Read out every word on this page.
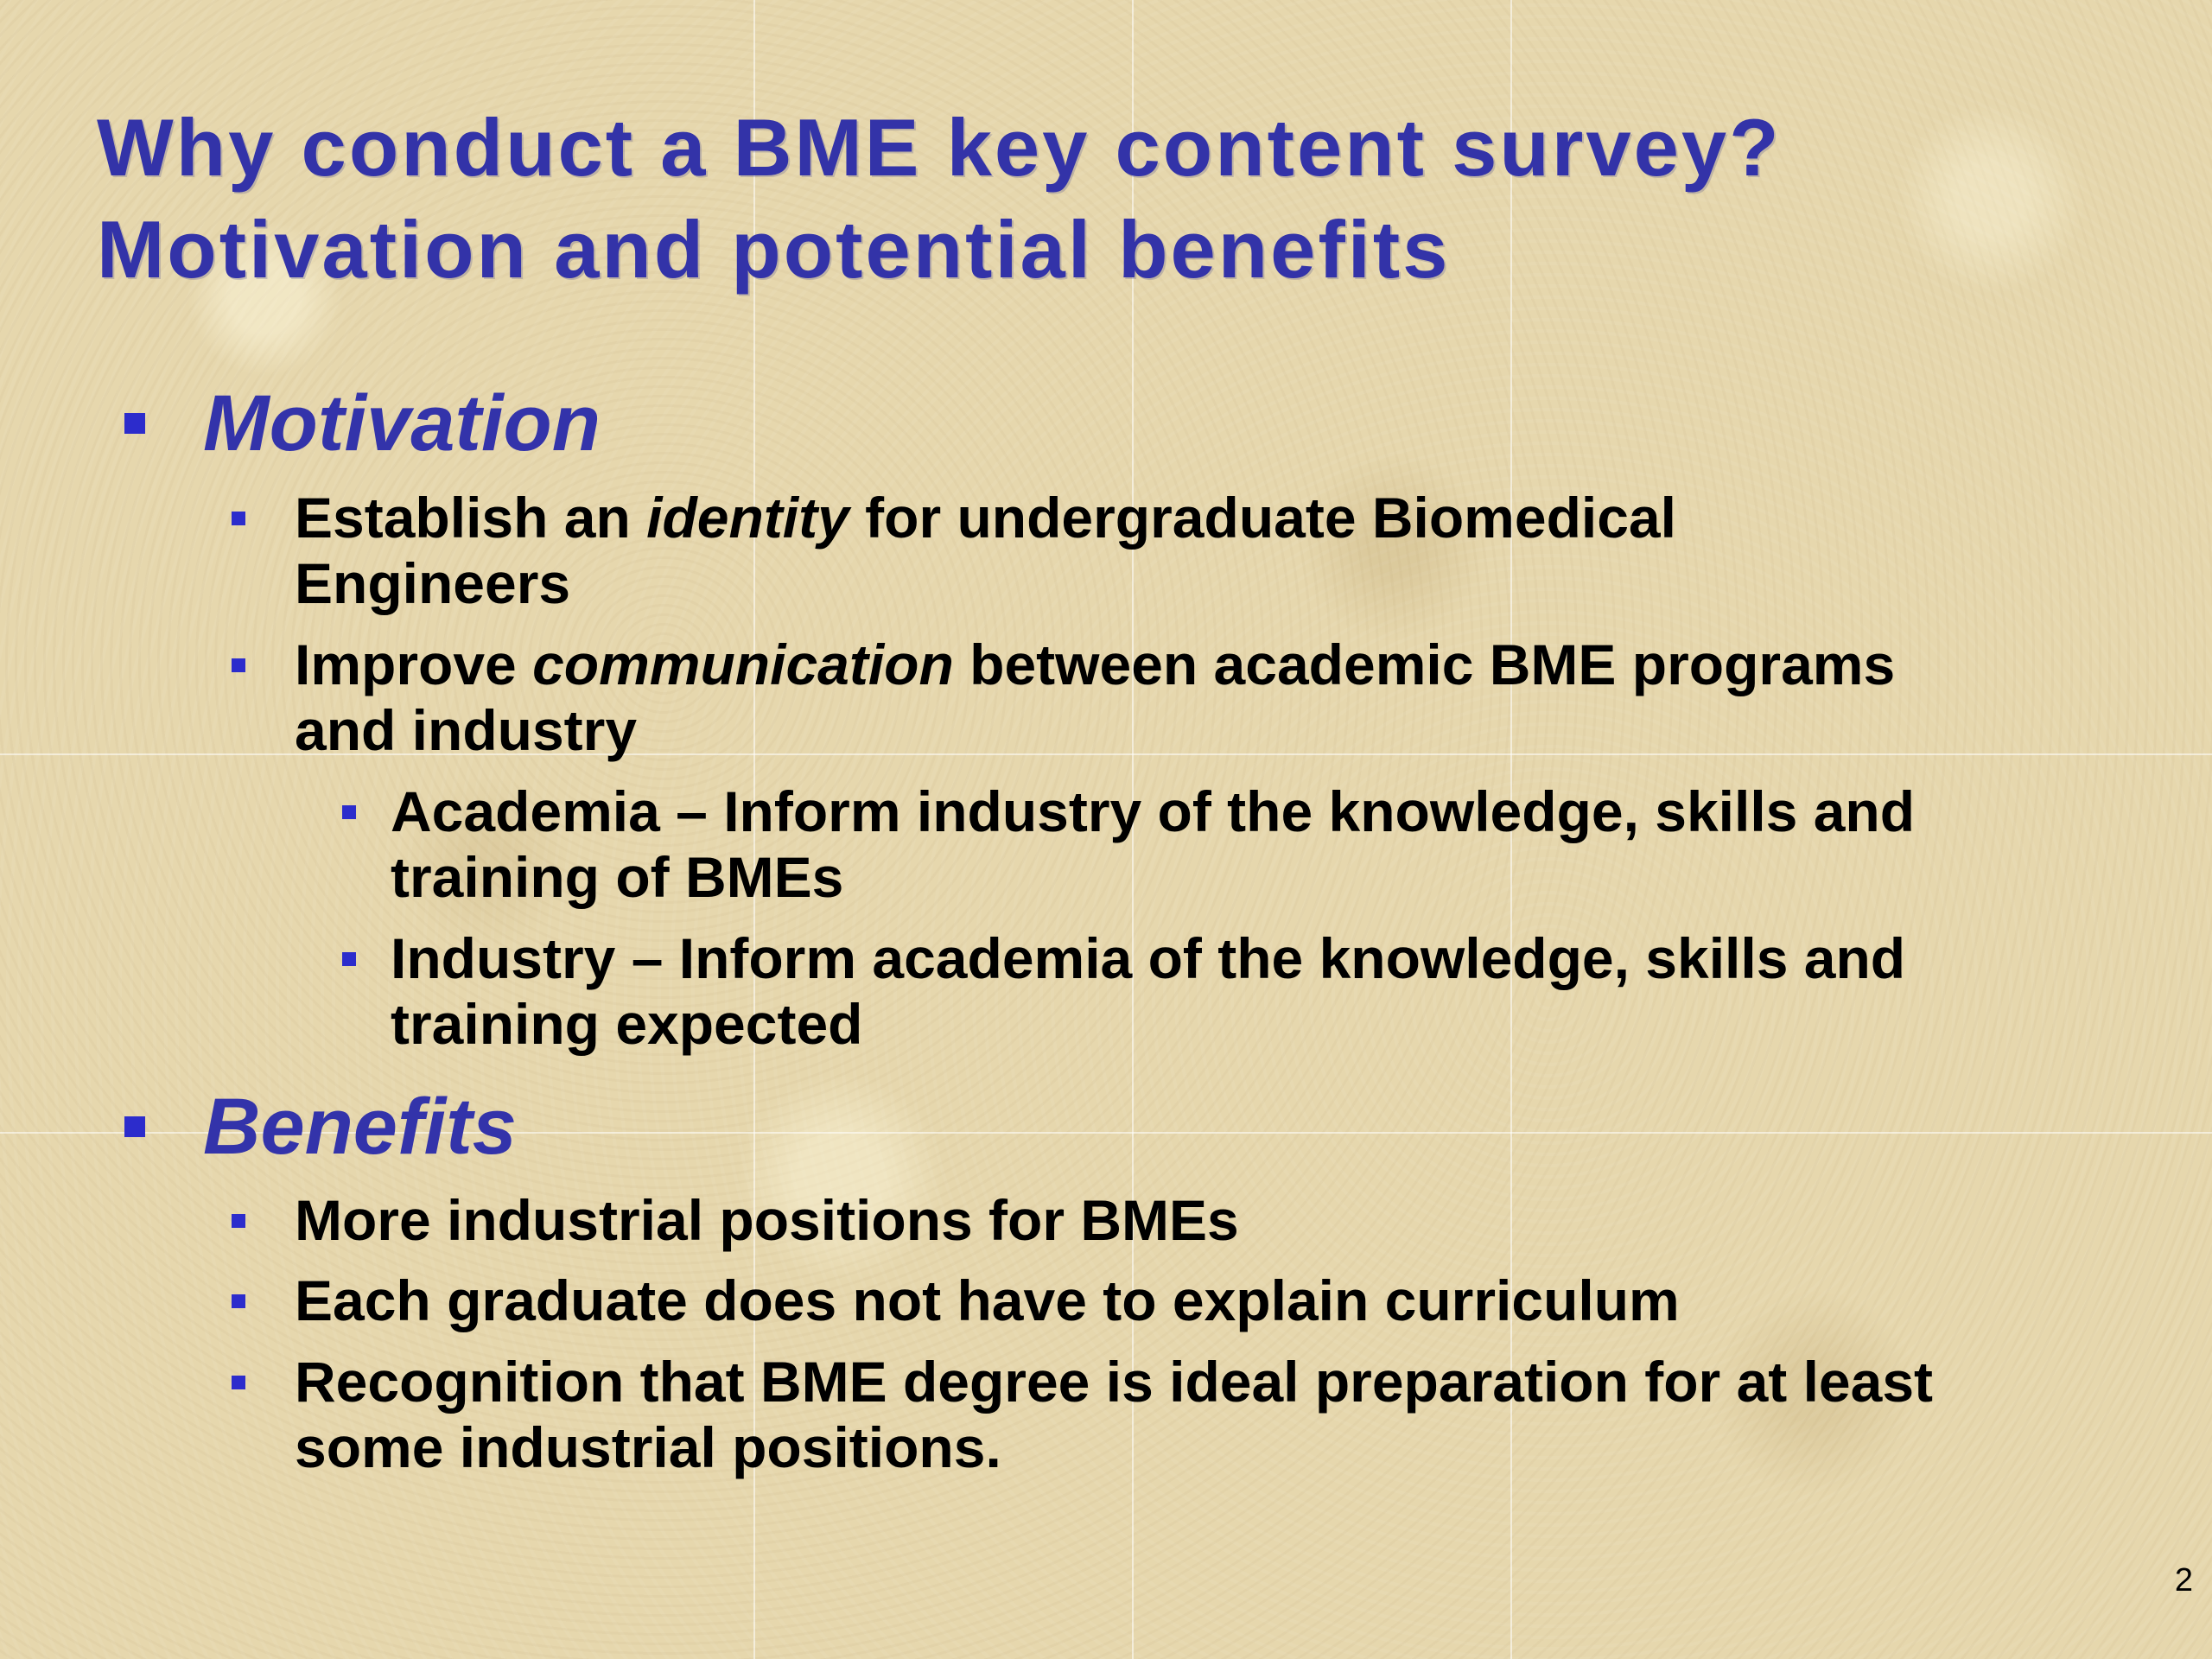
Why conduct a BME key content survey?
Motivation and potential benefits
Motivation
Establish an identity for undergraduate Biomedical
Engineers
Improve communication between academic BME programs
and industry
Academia – Inform industry of the knowledge, skills and
training of BMEs
Industry – Inform academia of the knowledge, skills and
training expected
Benefits
More industrial positions for BMEs
Each graduate does not have to explain curriculum
Recognition that BME degree is ideal preparation for at least
some industrial positions.
2
